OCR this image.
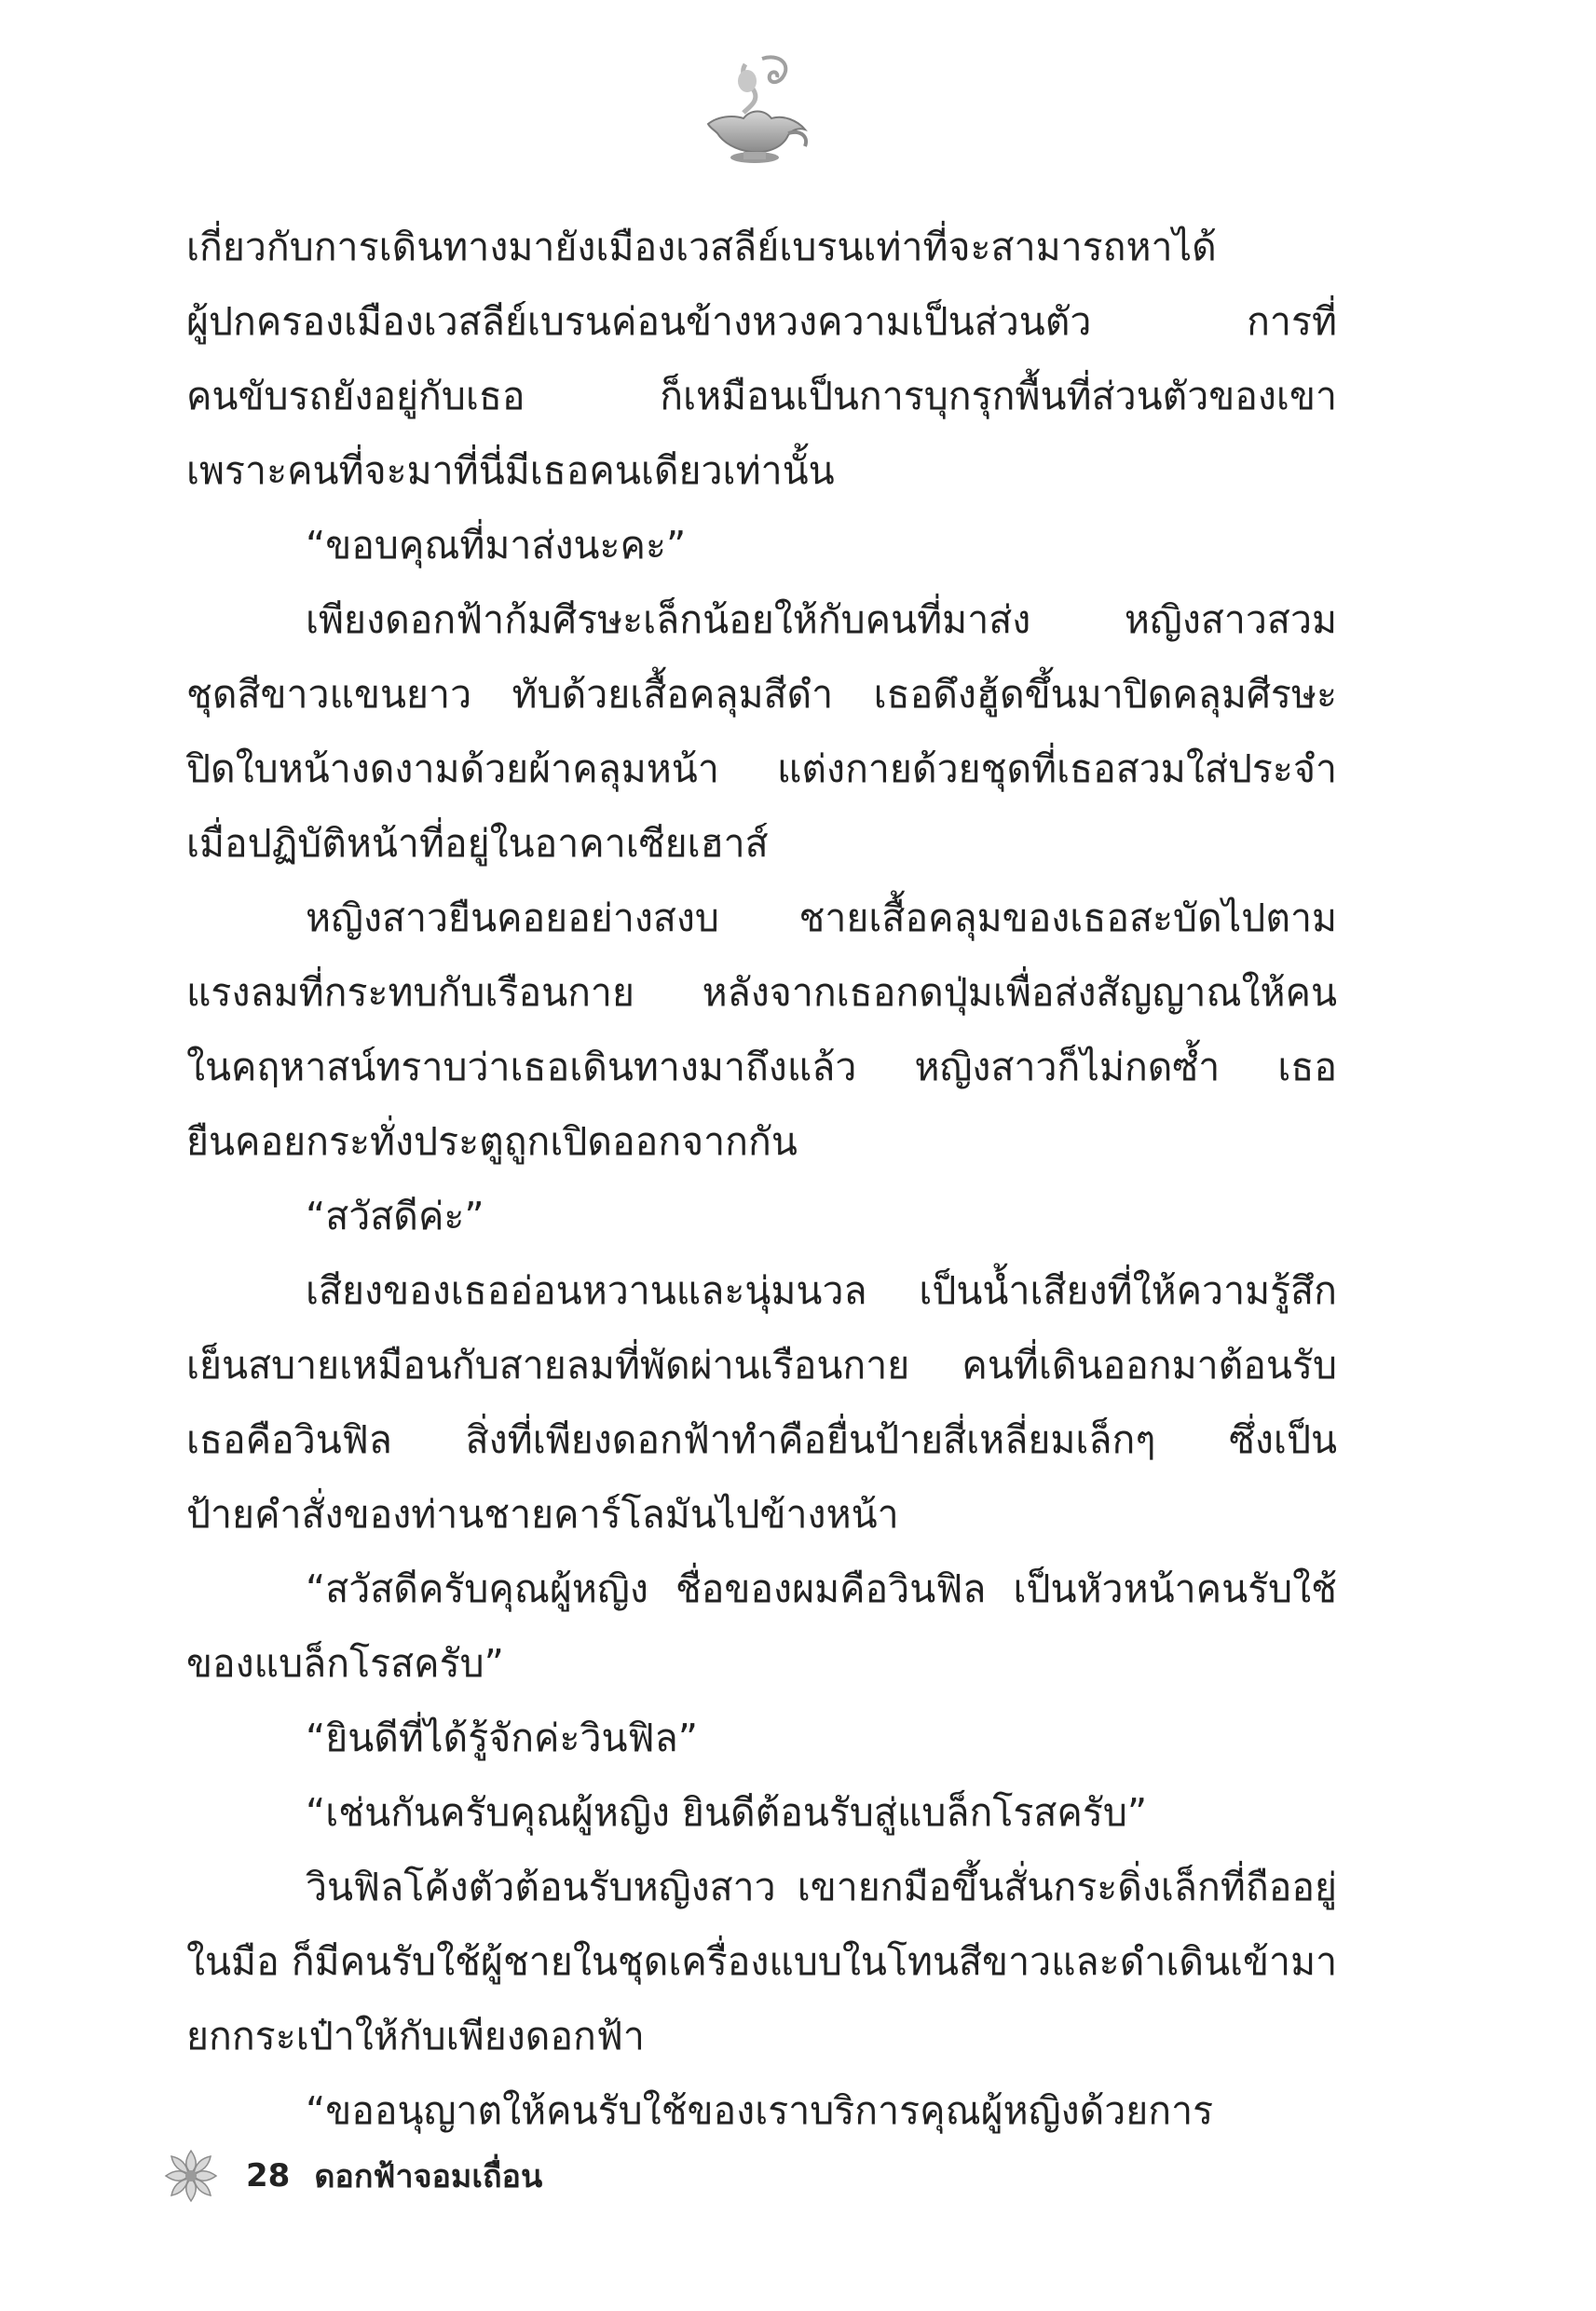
เกี่ยวกับการเดินทางมายังเมืองเวสลีย์เบรนเท่าที่จะสามารถหาได้
ผู้ปกครองเมืองเวสลีย์เบรนค่อนข้างหวงความเป็นส่วนตัว การที่
คนขับรถยังอยู่กับเธอ ก็เหมือนเป็นการบุกรุกพื้นที่ส่วนตัวของเขา
เพราะคนที่จะมาที่นี่มีเธอคนเดียวเท่านั้น
“ขอบคุณที่มาส่งนะคะ”
เพียงดอกฟ้าก้มศีรษะเล็กน้อยให้กับคนที่มาส่ง หญิงสาวสวม
ชุดสีขาวแขนยาว ทับด้วยเสื้อคลุมสีดำ เธอดึงฮู้ดขึ้นมาปิดคลุมศีรษะ
ปิดใบหน้างดงามด้วยผ้าคลุมหน้า แต่งกายด้วยชุดที่เธอสวมใส่ประจำ
เมื่อปฏิบัติหน้าที่อยู่ในอาคาเซียเฮาส์
หญิงสาวยืนคอยอย่างสงบ ชายเสื้อคลุมของเธอสะบัดไปตาม
แรงลมที่กระทบกับเรือนกาย หลังจากเธอกดปุ่มเพื่อส่งสัญญาณให้คน
ในคฤหาสน์ทราบว่าเธอเดินทางมาถึงแล้ว หญิงสาวก็ไม่กดซ้ำ เธอ
ยืนคอยกระทั่งประตูถูกเปิดออกจากกัน
“สวัสดีค่ะ”
เสียงของเธออ่อนหวานและนุ่มนวล เป็นน้ำเสียงที่ให้ความรู้สึก
เย็นสบายเหมือนกับสายลมที่พัดผ่านเรือนกาย คนที่เดินออกมาต้อนรับ
เธอคือวินฟิล สิ่งที่เพียงดอกฟ้าทำคือยื่นป้ายสี่เหลี่ยมเล็กๆ ซึ่งเป็น
ป้ายคำสั่งของท่านชายคาร์โลมันไปข้างหน้า
“สวัสดีครับคุณผู้หญิง ชื่อของผมคือวินฟิล เป็นหัวหน้าคนรับใช้
ของแบล็กโรสครับ”
“ยินดีที่ได้รู้จักค่ะวินฟิล”
“เช่นกันครับคุณผู้หญิง ยินดีต้อนรับสู่แบล็กโรสครับ”
วินฟิลโค้งตัวต้อนรับหญิงสาว เขายกมือขึ้นสั่นกระดิ่งเล็กที่ถืออยู่
ในมือ ก็มีคนรับใช้ผู้ชายในชุดเครื่องแบบในโทนสีขาวและดำเดินเข้ามา
ยกกระเป๋าให้กับเพียงดอกฟ้า
“ขออนุญาตให้คนรับใช้ของเราบริการคุณผู้หญิงด้วยการ
28 ดอกฟ้าจอมเถื่อน
